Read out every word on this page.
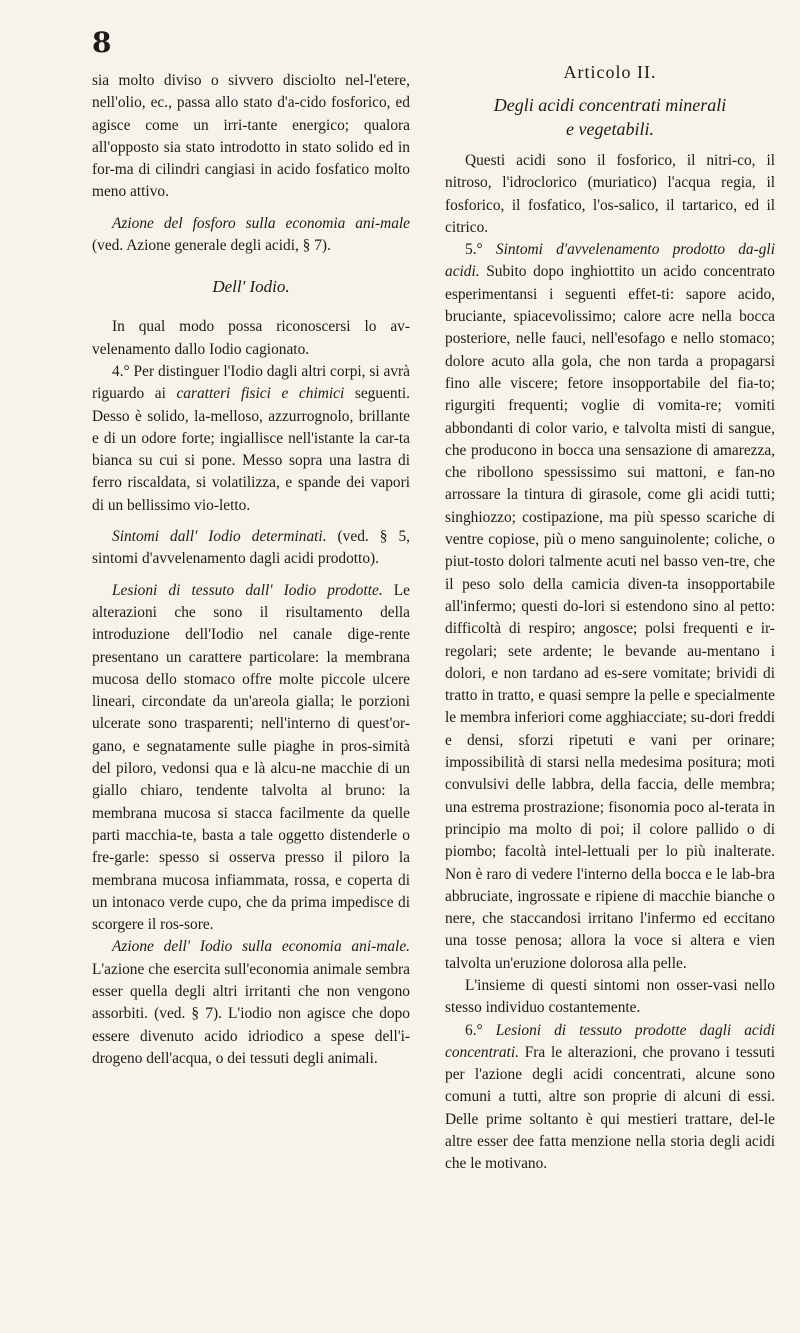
8

sia molto diviso o sivvero disciolto nel-l'etere, nell'olio, ec., passa allo stato d'a-cido fosforico, ed agisce come un irri-tante energico; qualora all'opposto sia stato introdotto in stato solido ed in for-ma di cilindri cangiasi in acido fosfatico molto meno attivo.

Azione del fosforo sulla economia ani-male (ved. Azione generale degli acidi, § 7).

Dell' Iodio.

In qual modo possa riconoscersi lo av-velenamento dallo Iodio cagionato.

4.° Per distinguer l'Iodio dagli altri corpi, si avrà riguardo ai caratteri fisici e chimici seguenti. Desso è solido, la-melloso, azzurrognolo, brillante e di un odore forte; ingiallisce nell'istante la car-ta bianca su cui si pone. Messo sopra una lastra di ferro riscaldata, si volatilizza, e spande dei vapori di un bellissimo vio-letto.

Sintomi dall' Iodio determinati. (ved. § 5, sintomi d'avvelenamento dagli acidi prodotto).

Lesioni di tessuto dall' Iodio prodotte. Le alterazioni che sono il risultamento della introduzione dell'Iodio nel canale dige-rente presentano un carattere particolare: la membrana mucosa dello stomaco offre molte piccole ulcere lineari, circondate da un'areola gialla; le porzioni ulcerate sono trasparenti; nell'interno di quest'or-gano, e segnatamente sulle piaghe in pros-simità del piloro, vedonsi qua e là alcu-ne macchie di un giallo chiaro, tendente talvolta al bruno: la membrana mucosa si stacca facilmente da quelle parti macchia-te, basta a tale oggetto distenderle o fre-garle: spesso si osserva presso il piloro la membrana mucosa infiammata, rossa, e coperta di un intonaco verde cupo, che da prima impedisce di scorgere il ros-sore.

Azione dell' Iodio sulla economia ani-male. L'azione che esercita sull'economia animale sembra esser quella degli altri irritanti che non vengono assorbiti. (ved. § 7). L'iodio non agisce che dopo essere divenuto acido idriodico a spese dell'i-drogeno dell'acqua, o dei tessuti degli animali.

Articolo II.
Degli acidi concentrati minerali
e vegetabili.

Questi acidi sono il fosforico, il nitri-co, il nitroso, l'idroclorico (muriatico) l'acqua regia, il fosforico, il fosfatico, l'os-salico, il tartarico, ed il citrico.

5.° Sintomi d'avvelenamento prodotto da-gli acidi. Subito dopo inghiottito un acido concentrato esperimentansi i seguenti effet-ti: sapore acido, bruciante, spiacevolissimo; calore acre nella bocca posteriore, nelle fauci, nell'esofago e nello stomaco; dolore acuto alla gola, che non tarda a propagarsi fino alle viscere; fetore insopportabile del fia-to; rigurgiti frequenti; voglie di vomita-re; vomiti abbondanti di color vario, e talvolta misti di sangue, che producono in bocca una sensazione di amarezza, che ribollono spessissimo sui mattoni, e fan-no arrossare la tintura di girasole, come gli acidi tutti; singhiozzo; costipazione, ma più spesso scariche di ventre copiose, più o meno sanguinolente; coliche, o piut-tosto dolori talmente acuti nel basso ven-tre, che il peso solo della camicia diven-ta insopportabile all'infermo; questi do-lori si estendono sino al petto: difficoltà di respiro; angosce; polsi frequenti e ir-regolari; sete ardente; le bevande au-mentano i dolori, e non tardano ad es-sere vomitate; brividi di tratto in tratto, e quasi sempre la pelle e specialmente le membra inferiori come agghiacciate; su-dori freddi e densi, sforzi ripetuti e vani per orinare; impossibilità di starsi nella medesima positura; moti convulsivi delle labbra, della faccia, delle membra; una estrema prostrazione; fisonomia poco al-terata in principio ma molto di poi; il colore pallido o di piombo; facoltà intel-lettuali per lo più inalterate. Non è raro di vedere l'interno della bocca e le lab-bra abbruciate, ingrossate e ripiene di macchie bianche o nere, che staccandosi irritano l'infermo ed eccitano una tosse penosa; allora la voce si altera e vien talvolta un'eruzione dolorosa alla pelle.

L'insieme di questi sintomi non osser-vasi nello stesso individuo costantemente.

6.° Lesioni di tessuto prodotte dagli acidi concentrati. Fra le alterazioni, che provano i tessuti per l'azione degli acidi concentrati, alcune sono comuni a tutti, altre son proprie di alcuni di essi. Delle prime soltanto è qui mestieri trattare, del-le altre esser dee fatta menzione nella storia degli acidi che le motivano.
